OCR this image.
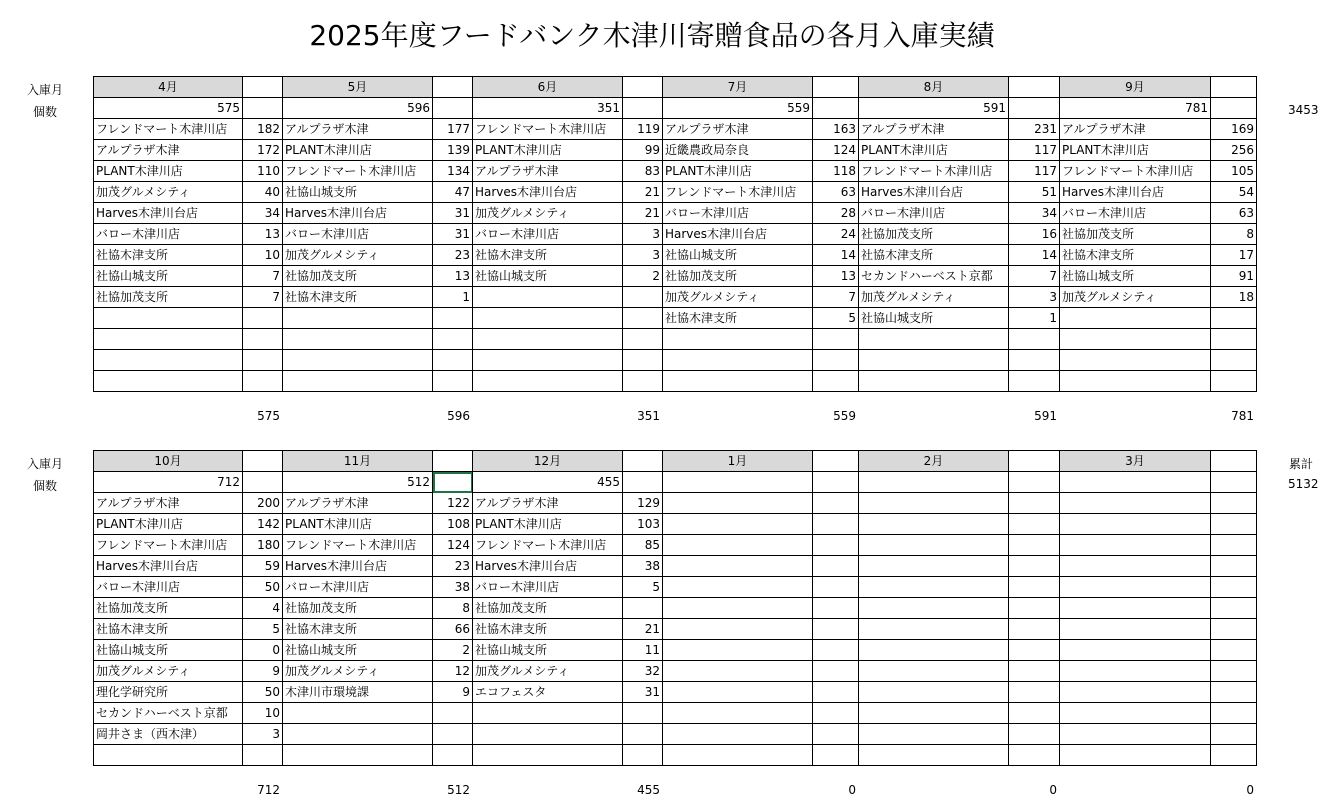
2025年度フードバンク木津川寄贈食品の各月入庫実績
入庫月
個数	3453
4月	
575	
フレンドマート木津川店	182
アルプラザ木津	172
PLANT木津川店	110
加茂グルメシティ	40
Harves木津川台店	34
バロー木津川店	13
社協木津支所	10
社協山城支所	7
社協加茂支所	7

575
5月	
596	
アルプラザ木津	177
PLANT木津川店	139
フレンドマート木津川店	134
社協山城支所	47
Harves木津川台店	31
バロー木津川店	31
加茂グルメシティ	23
社協加茂支所	13
社協木津支所	1

596
6月	
351	
フレンドマート木津川店	119
PLANT木津川店	99
アルプラザ木津	83
Harves木津川台店	21
加茂グルメシティ	21
バロー木津川店	3
社協木津支所	3
社協山城支所	2

351
7月	
559	
アルプラザ木津	163
近畿農政局奈良	124
PLANT木津川店	118
フレンドマート木津川店	63
バロー木津川店	28
Harves木津川台店	24
社協山城支所	14
社協加茂支所	13
加茂グルメシティ	7
社協木津支所	5

559
8月	
591	
アルプラザ木津	231
PLANT木津川店	117
フレンドマート木津川店	117
Harves木津川台店	51
バロー木津川店	34
社協加茂支所	16
社協木津支所	14
セカンドハーベスト京都	7
加茂グルメシティ	3
社協山城支所	1

591
9月	
781	
アルプラザ木津	169
PLANT木津川店	256
フレンドマート木津川店	105
Harves木津川台店	54
バロー木津川店	63
社協加茂支所	8
社協木津支所	17
社協山城支所	91
加茂グルメシティ	18

781
入庫月
個数
累計
5132
10月	
712	
アルプラザ木津	200
PLANT木津川店	142
フレンドマート木津川店	180
Harves木津川台店	59
バロー木津川店	50
社協加茂支所	4
社協木津支所	5
社協山城支所	0
加茂グルメシティ	9
理化学研究所	50
セカンドハーベスト京都	10
岡井さま（西木津）	3

712
11月	
512	
アルプラザ木津	122
PLANT木津川店	108
フレンドマート木津川店	124
Harves木津川台店	23
バロー木津川店	38
社協加茂支所	8
社協木津支所	66
社協山城支所	2
加茂グルメシティ	12
木津川市環境課	9

512
12月	
455	
アルプラザ木津	129
PLANT木津川店	103
フレンドマート木津川店	85
Harves木津川台店	38
バロー木津川店	5
社協加茂支所	
社協木津支所	21
社協山城支所	11
加茂グルメシティ	32
エコフェスタ	31

455
1月	

0
2月	

0
3月	

0
